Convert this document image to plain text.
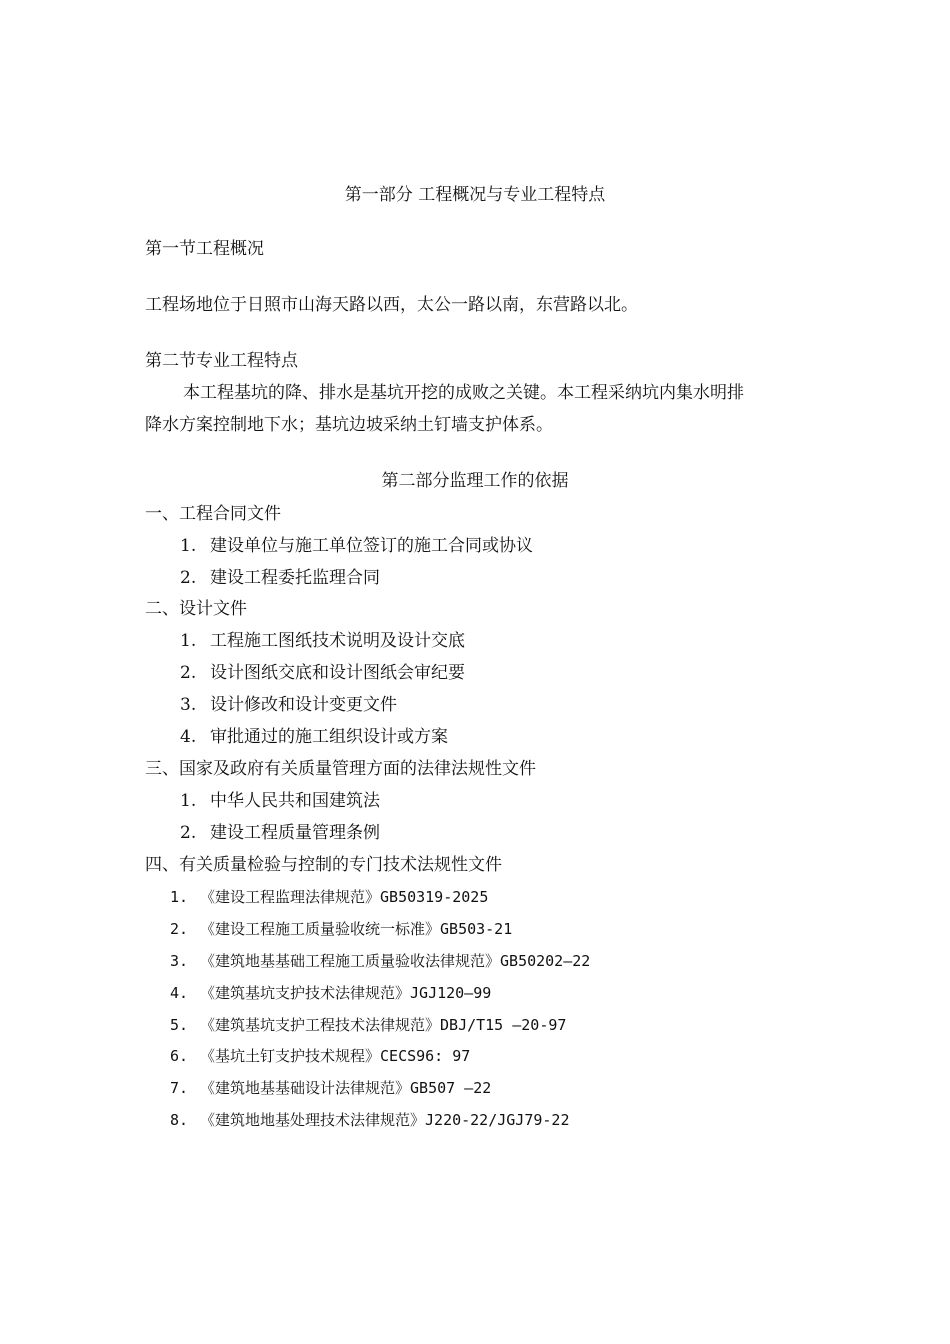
第一部分 工程概况与专业工程特点
第一节工程概况
工程场地位于日照市山海天路以西，太公一路以南，东营路以北。
第二节专业工程特点
本工程基坑的降、排水是基坑开挖的成败之关键。本工程采纳坑内集水明排
降水方案控制地下水；基坑边坡采纳土钉墙支护体系。
第二部分监理工作的依据
一、工程合同文件
1. 建设单位与施工单位签订的施工合同或协议
2. 建设工程委托监理合同
二、设计文件
1. 工程施工图纸技术说明及设计交底
2. 设计图纸交底和设计图纸会审纪要
3. 设计修改和设计变更文件
4. 审批通过的施工组织设计或方案
三、国家及政府有关质量管理方面的法律法规性文件
1. 中华人民共和国建筑法
2. 建设工程质量管理条例
四、有关质量检验与控制的专门技术法规性文件
1. 《建设工程监理法律规范》GB50319-2025
2. 《建设工程施工质量验收统一标准》GB503-21
3. 《建筑地基基础工程施工质量验收法律规范》GB50202—22
4. 《建筑基坑支护技术法律规范》JGJ120—99
5. 《建筑基坑支护工程技术法律规范》DBJ/T15 —20-97
6. 《基坑土钉支护技术规程》CECS96: 97
7. 《建筑地基基础设计法律规范》GB507 —22
8. 《建筑地地基处理技术法律规范》J220-22/JGJ79-22
